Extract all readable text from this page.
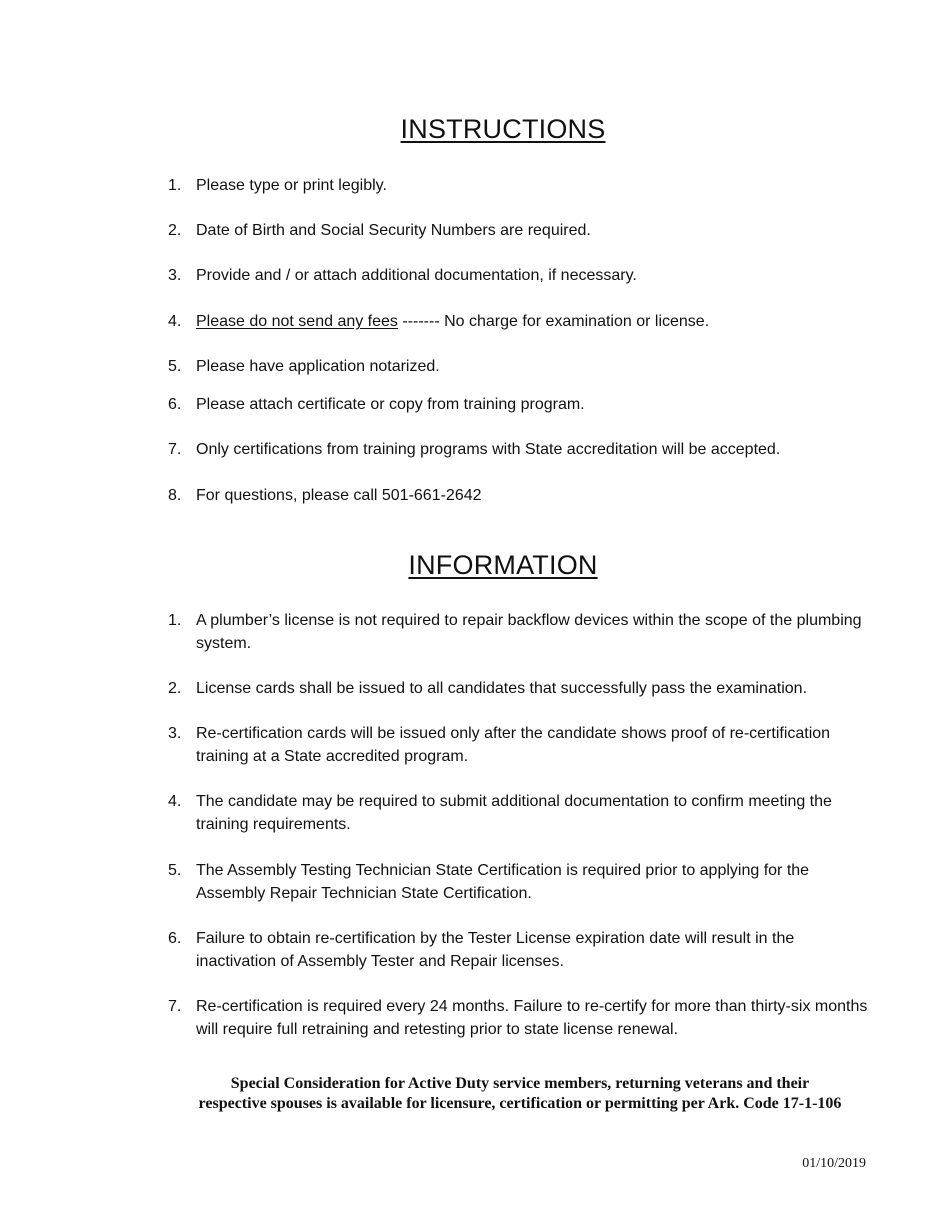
INSTRUCTIONS
1. Please type or print legibly.
2. Date of Birth and Social Security Numbers are required.
3. Provide and / or attach additional documentation, if necessary.
4. Please do not send any fees ------- No charge for examination or license.
5. Please have application notarized.
6. Please attach certificate or copy from training program.
7. Only certifications from training programs with State accreditation will be accepted.
8. For questions, please call 501-661-2642
INFORMATION
1. A plumber’s license is not required to repair backflow devices within the scope of the plumbing system.
2. License cards shall be issued to all candidates that successfully pass the examination.
3. Re-certification cards will be issued only after the candidate shows proof of re-certification training at a State accredited program.
4. The candidate may be required to submit additional documentation to confirm meeting the training requirements.
5. The Assembly Testing Technician State Certification is required prior to applying for the Assembly Repair Technician State Certification.
6. Failure to obtain re-certification by the Tester License expiration date will result in the inactivation of Assembly Tester and Repair licenses.
7. Re-certification is required every 24 months. Failure to re-certify for more than thirty-six months will require full retraining and retesting prior to state license renewal.
Special Consideration for Active Duty service members, returning veterans and their
respective spouses is available for licensure, certification or permitting per Ark. Code 17-1-106
01/10/2019
